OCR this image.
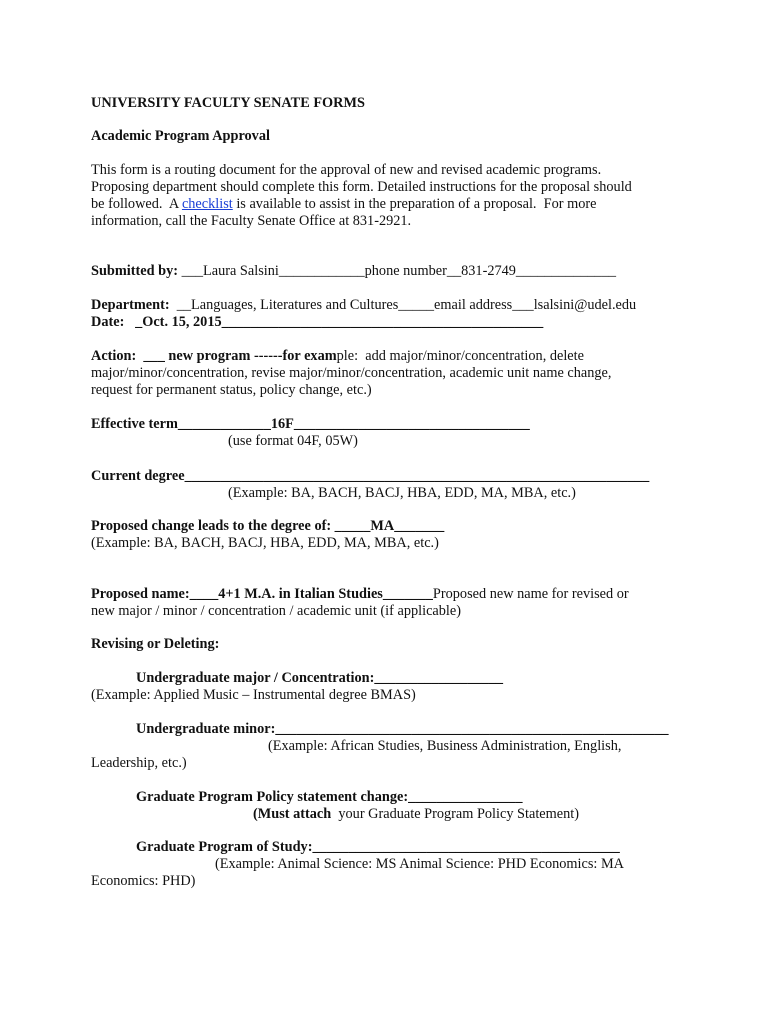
UNIVERSITY FACULTY SENATE FORMS
Academic Program Approval
This form is a routing document for the approval of new and revised academic programs.
Proposing department should complete this form. Detailed instructions for the proposal should
be followed.  A checklist is available to assist in the preparation of a proposal.  For more
information, call the Faculty Senate Office at 831-2921.
Submitted by: ___Laura Salsini____________phone number__831-2749______________
Department:  __Languages, Literatures and Cultures_____email address___lsalsini@udel.edu
Date:   _Oct. 15, 2015_____________________________________________
Action:  ___ new program ------for example:  add major/minor/concentration, delete
major/minor/concentration, revise major/minor/concentration, academic unit name change,
request for permanent status, policy change, etc.)
Effective term_____________16F_________________________________
(use format 04F, 05W)
Current degree_________________________________________________________________
(Example: BA, BACH, BACJ, HBA, EDD, MA, MBA, etc.)
Proposed change leads to the degree of: _____MA_______
(Example: BA, BACH, BACJ, HBA, EDD, MA, MBA, etc.)
Proposed name:____4+1 M.A. in Italian Studies_______Proposed new name for revised or
new major / minor / concentration / academic unit (if applicable)
Revising or Deleting:
Undergraduate major / Concentration:__________________
(Example: Applied Music – Instrumental degree BMAS)
Undergraduate minor:_______________________________________________________
(Example: African Studies, Business Administration, English,
Leadership, etc.)
Graduate Program Policy statement change:________________
(Must attach  your Graduate Program Policy Statement)
Graduate Program of Study:___________________________________________
(Example: Animal Science: MS Animal Science: PHD Economics: MA
Economics: PHD)
